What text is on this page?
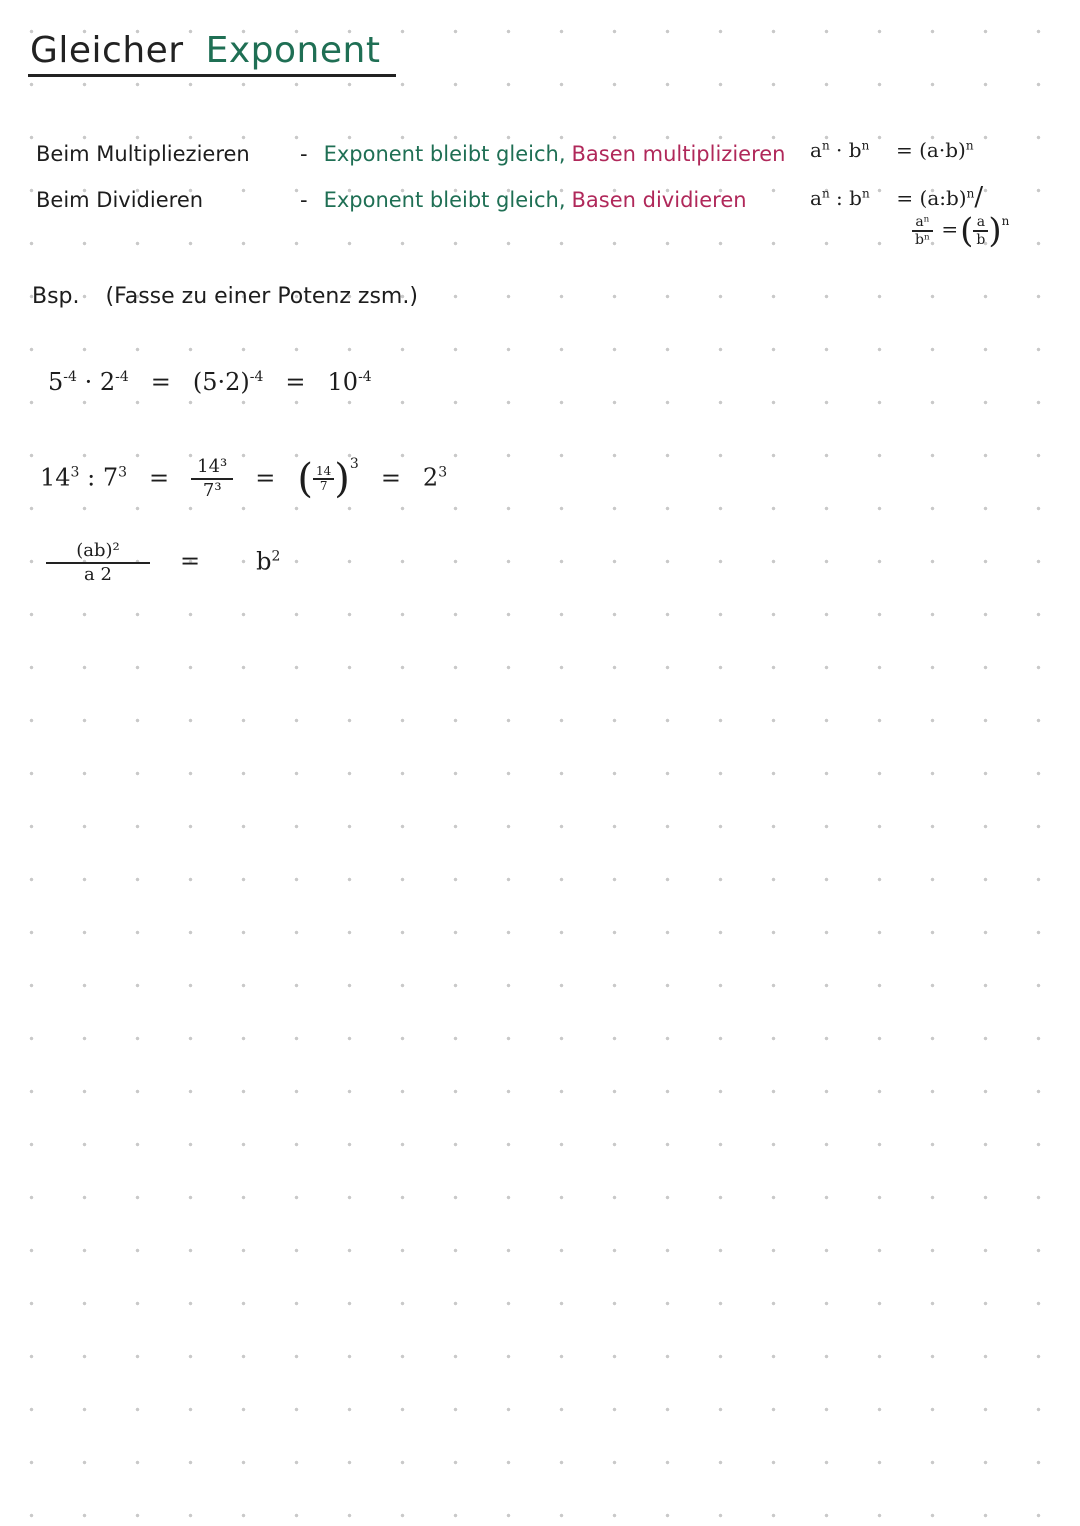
Gleicher Exponent
Beim Multipliezieren - Exponent bleibt gleich, Basen multiplizieren
Beim Dividieren	- Exponent bleibt gleich, Basen dividieren
$a^n \cdot b^n = (a\cdot b)^n$
$a^n$ : $b^n$ = (a:b)$^n$/
$\frac{\text{aⁿ}}{\text{bⁿ}}$ =( $\frac{a}{b} )^n$
Bsp. (Fasse zu einer Potenz zsm.)
$5^{-4} \cdot 2^{-4} = (5\cdot 2)^{-4} = 10^{-4}$
$14^3$ : $7^3 = \frac{\text{14³}}{\text{7³}}$ = ( $\frac{14}{7} )^3 = 2^3$
$\frac{\text{(ab)²}}{a 2} = b^2$
